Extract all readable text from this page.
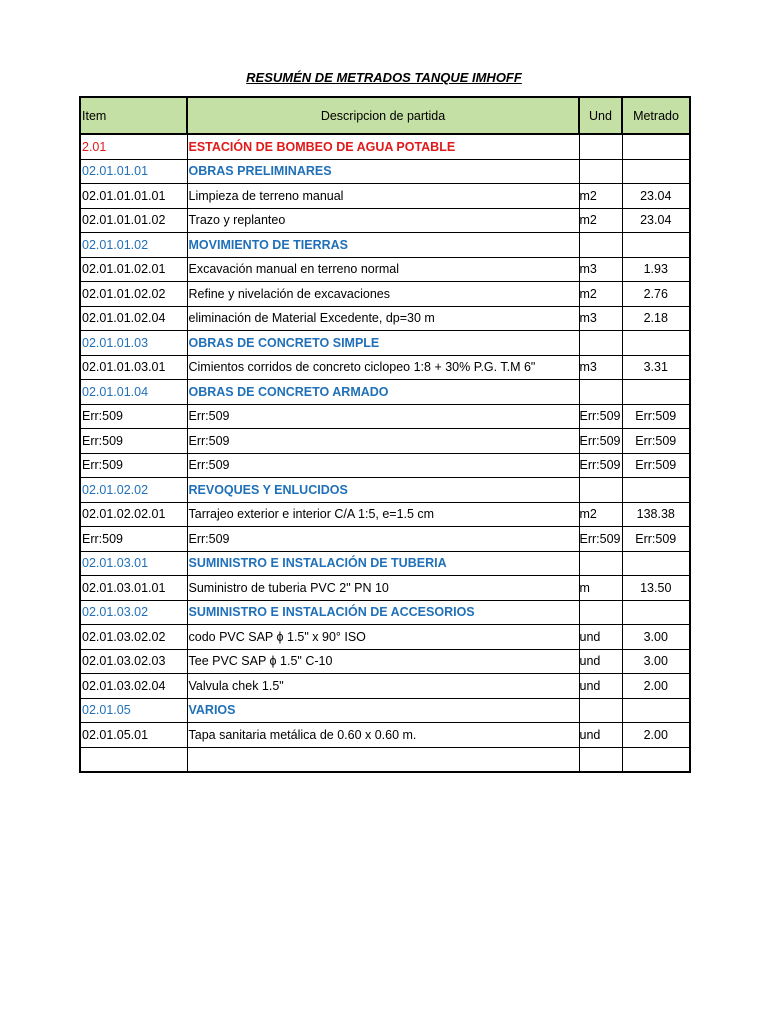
RESUMÉN DE METRADOS TANQUE IMHOFF
Item	Descripcion de partida	Und	Metrado
2.01	ESTACIÓN DE BOMBEO DE AGUA POTABLE		
02.01.01.01	OBRAS PRELIMINARES		
02.01.01.01.01	Limpieza de terreno manual	m2	23.04
02.01.01.01.02	Trazo y replanteo	m2	23.04
02.01.01.02	MOVIMIENTO DE TIERRAS		
02.01.01.02.01	Excavación manual en terreno normal	m3	1.93
02.01.01.02.02	Refine y nivelación de excavaciones	m2	2.76
02.01.01.02.04	eliminación de Material Excedente, dp=30 m	m3	2.18
02.01.01.03	OBRAS DE CONCRETO SIMPLE		
02.01.01.03.01	Cimientos corridos de concreto ciclopeo 1:8 + 30% P.G. T.M 6"	m3	3.31
02.01.01.04	OBRAS DE CONCRETO ARMADO		
Err:509	Err:509	Err:509	Err:509
Err:509	Err:509	Err:509	Err:509
Err:509	Err:509	Err:509	Err:509
02.01.02.02	REVOQUES Y ENLUCIDOS		
02.01.02.02.01	Tarrajeo exterior e interior C/A 1:5, e=1.5 cm	m2	138.38
Err:509	Err:509	Err:509	Err:509
02.01.03.01	SUMINISTRO E INSTALACIÓN DE TUBERIA		
02.01.03.01.01	Suministro de tuberia PVC 2" PN 10	m	13.50
02.01.03.02	SUMINISTRO E INSTALACIÓN DE ACCESORIOS		
02.01.03.02.02	codo PVC SAP ϕ 1.5" x 90° ISO	und	3.00
02.01.03.02.03	Tee PVC SAP ϕ 1.5" C-10	und	3.00
02.01.03.02.04	Valvula chek 1.5"	und	2.00
02.01.05	VARIOS		
02.01.05.01	Tapa sanitaria metálica de 0.60 x 0.60 m.	und	2.00
